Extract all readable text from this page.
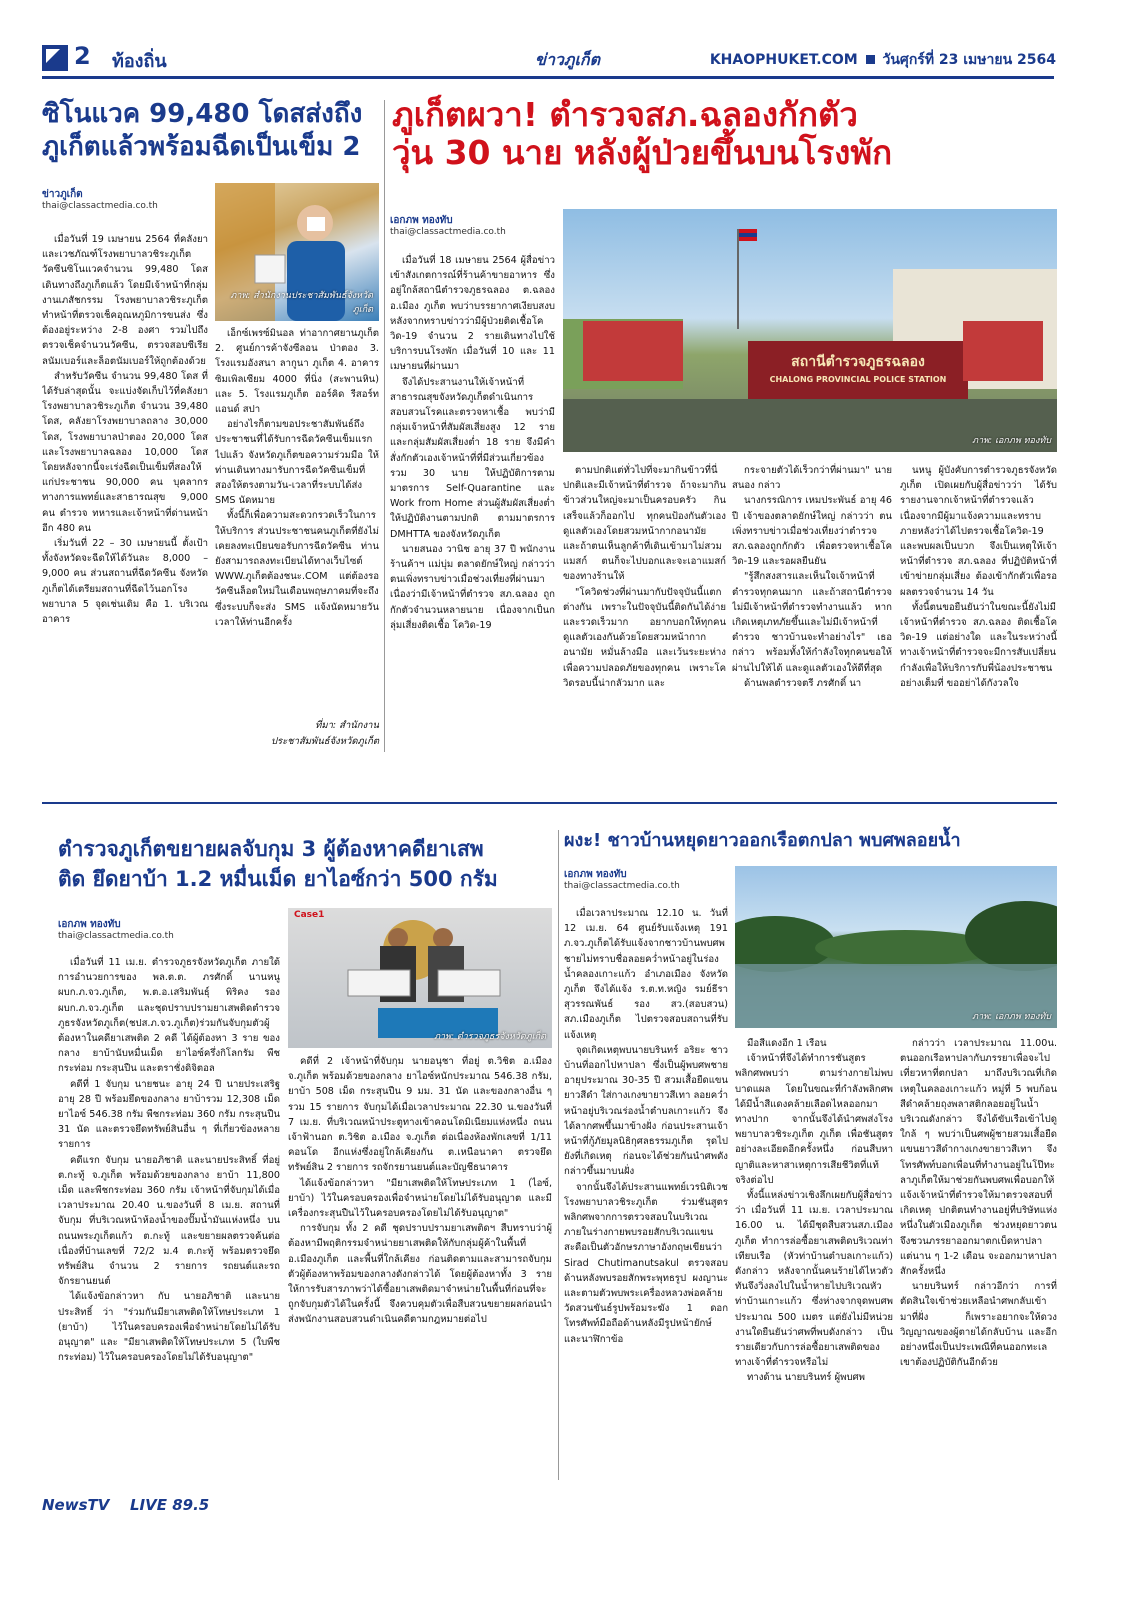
2 ท้องถิ่น	ข่าวภูเก็ต	KHAOPHUKET.COM วันศุกร์ที่ 23 เมษายน 2564
ซิโนแวค 99,480 โดสส่งถึง
ภูเก็ตแล้วพร้อมฉีดเป็นเข็ม 2
ข่าวภูเก็ต
thai@classactmedia.co.th
ภาพ: สำนักงานประชาสัมพันธ์จังหวัดภูเก็ต

เมื่อวันที่ 19 เมษายน 2564 ที่คลังยาและเวชภัณฑ์โรงพยาบาลวชิระภูเก็ต วัคซีนซิโนแวคจำนวน 99,480 โดส เดินทางถึงภูเก็ตแล้ว โดยมีเจ้าหน้าที่กลุ่มงานเภสัชกรรม โรงพยาบาลวชิระภูเก็ต ทำหน้าที่ตรวจเช็คอุณหภูมิการขนส่ง ซึ่งต้องอยู่ระหว่าง 2-8 องศา รวมไปถึงตรวจเช็คจำนวนวัคซีน, ตรวจสอบซีเรียลนัมเบอร์และล็อตนัมเบอร์ให้ถูกต้องด้วย

สำหรับวัคซีน จำนวน 99,480 โดส ที่ได้รับล่าสุดนั้น จะแบ่งจัดเก็บไว้ที่คลังยาโรงพยาบาลวชิระภูเก็ต จำนวน 39,480 โดส, คลังยาโรงพยาบาลถลาง 30,000 โดส, โรงพยาบาลป่าตอง 20,000 โดส และโรงพยาบาลฉลอง 10,000 โดส โดยหลังจากนี้จะเร่งฉีดเป็นเข็มที่สองให้แก่ประชาชน 90,000 คน บุคลากรทางการแพทย์และสาธารณสุข 9,000 คน ตำรวจ ทหารและเจ้าหน้าที่ด่านหน้า อีก 480 คน

เริ่มวันที่ 22 – 30 เมษายนนี้ ตั้งเป้าทั้งจังหวัดจะฉีดให้ได้วันละ 8,000 – 9,000 คน ส่วนสถานที่ฉีดวัคซีน จังหวัดภูเก็ตได้เตรียมสถานที่ฉีดไว้นอกโรงพยาบาล 5 จุดเช่นเดิม คือ 1. บริเวณอาคาร

เอ็กซ์เพรซ์มินอล ท่าอากาศยานภูเก็ต 2. ศูนย์การค้าจังซีลอน ป่าตอง 3. โรงแรมอังสนา ลากูนา ภูเก็ต 4. อาคารซิมเพิลเซียม 4000 ที่นิ่ง (สะพานหิน) และ 5. โรงแรมภูเก็ต ออร์คิด รีสอร์ท แอนด์ สปา

อย่างไรก็ตามขอประชาสัมพันธ์ถึงประชาชนที่ได้รับการฉีดวัคซีนเข็มแรกไปแล้ว จังหวัดภูเก็ตขอความร่วมมือ ให้ท่านเดินทางมารับการฉีดวัคซีนเข็มที่สองให้ตรงตามวัน-เวลาที่ระบบได้ส่ง SMS นัดหมาย

ทั้งนี้ก็เพื่อความสะดวกรวดเร็วในการให้บริการ ส่วนประชาชนคนภูเก็ตที่ยังไม่เคยลงทะเบียนขอรับการฉีดวัคซีน ท่านยังสามารถลงทะเบียนได้ทางเว็บไซต์ WWW.ภูเก็ตต้องชนะ.COM แต่ต้องรอวัคซีนล็อตใหม่ในเดือนพฤษภาคมที่จะถึง ซึ่งระบบก็จะส่ง SMS แจ้งนัดหมายวันเวลาให้ท่านอีกครั้ง

ที่มา: สำนักงาน
ประชาสัมพันธ์จังหวัดภูเก็ต
ภูเก็ตผวา! ตำรวจสภ.ฉลองกักตัว
วุ่น 30 นาย หลังผู้ป่วยขึ้นบนโรงพัก
เอกภพ ทองทับ
thai@classactmedia.co.th
สถานีตำรวจภูธรฉลอง
CHALONG PROVINCIAL POLICE STATION
ภาพ: เอกภพ ทองทับ

เมื่อวันที่ 18 เมษายน 2564 ผู้สื่อข่าวเข้าสังเกตการณ์ที่ร้านค้าขายอาหาร ซึ่งอยู่ใกล้สถานีตำรวจภูธรฉลอง ต.ฉลอง อ.เมือง ภูเก็ต พบว่าบรรยากาศเงียบสงบ หลังจากทราบข่าวว่ามีผู้ป่วยติดเชื้อโควิด-19 จำนวน 2 รายเดินทางไปใช้บริการบนโรงพัก เมื่อวันที่ 10 และ 11 เมษายนที่ผ่านมา

จึงได้ประสานงานให้เจ้าหน้าที่สาธารณสุขจังหวัดภูเก็ตดำเนินการสอบสวนโรคและตรวจหาเชื้อ พบว่ามีกลุ่มเจ้าหน้าที่สัมผัสเสี่ยงสูง 12 ราย และกลุ่มสัมผัสเสี่ยงต่ำ 18 ราย จึงมีคำสั่งกักตัวเองเจ้าหน้าที่ที่มีส่วนเกี่ยวข้องรวม 30 นาย ให้ปฏิบัติการตามมาตรการ Self-Quarantine และ Work from Home ส่วนผู้สัมผัสเสี่ยงต่ำ ให้ปฏิบัติงานตามปกติ ตามมาตรการ DMHTTA ของจังหวัดภูเก็ต

นายสนอง วานิช อายุ 37 ปี พนักงานร้านค้าฯ แม่บุ่ม ตลาดยักษ์ใหญ่ กล่าวว่า ตนเพิ่งทราบข่าวเมื่อช่วงเที่ยงที่ผ่านมาเนื่องว่ามีเจ้าหน้าที่ตำรวจ สภ.ฉลอง ถูกกักตัวจำนวนหลายนาย เนื่องจากเป็นกลุ่มเสี่ยงติดเชื้อ โควิด-19

ตามปกติแต่ทั่วไปที่จะมากินข้าวที่นี่ปกติและมีเจ้าหน้าที่ตำรวจ ถ้าจะมากินข้าวส่วนใหญ่จะมาเป็นครอบครัว กินเสร็จแล้วก็ออกไป ทุกคนป้องกันตัวเองดูแลตัวเองโดยสวมหน้ากากอนามัย และถ้าตนเห็นลูกค้าที่เดินเข้ามาไม่สวมแมสก์ ตนก็จะไปบอกและจะเอาแมสก์ของทางร้านให้

"โควิดช่วงที่ผ่านมากับปัจจุบันนี้แตกต่างกัน เพราะในปัจจุบันนี้ติดกันได้ง่ายและรวดเร็วมาก อยากบอกให้ทุกคนดูแลตัวเองกันด้วยโดยสวมหน้ากากอนามัย หมั่นล้างมือ และเว้นระยะห่าง เพื่อความปลอดภัยของทุกคน เพราะโควิดรอบนี้น่ากลัวมาก และ

กระจายตัวได้เร็วกว่าที่ผ่านมา" นายสนอง กล่าว

นางกรรณิการ เหมประพันธ์ อายุ 46 ปี เจ้าของตลาดยักษ์ใหญ่ กล่าวว่า ตนเพิ่งทราบข่าวเมื่อช่วงเที่ยงว่าตำรวจ สภ.ฉลองถูกกักตัว เพื่อตรวจหาเชื้อโควิด-19 และรอผลยืนยัน

"รู้สึกสงสารและเห็นใจเจ้าหน้าที่ตำรวจทุกคนมาก และถ้าสถานีตำรวจไม่มีเจ้าหน้าที่ตำรวจทำงานแล้ว หากเกิดเหตุเภทภัยขึ้นและไม่มีเจ้าหน้าที่ตำรวจ ชาวบ้านจะทำอย่างไร" เธอกล่าว พร้อมทั้งให้กำลังใจทุกคนขอให้ผ่านไปให้ได้ และดูแลตัวเองให้ดีที่สุด

ด้านพลตำรวจตรี ภรศักดิ์ นา

นหนู ผู้บังคับการตำรวจภูธรจังหวัดภูเก็ต เปิดเผยกับผู้สื่อข่าวว่า ได้รับรายงานจากเจ้าหน้าที่ตำรวจแล้ว เนื่องจากมีผู้มาแจ้งความและทราบภายหลังว่าได้ไปตรวจเชื้อโควิด-19 และพบผลเป็นบวก จึงเป็นเหตุให้เจ้าหน้าที่ตำรวจ สภ.ฉลอง ที่ปฏิบัติหน้าที่เข้าข่ายกลุ่มเสี่ยง ต้องเข้ากักตัวเพื่อรอผลตรวจจำนวน 14 วัน

ทั้งนี้ตนขอยืนยันว่าในขณะนี้ยังไม่มีเจ้าหน้าที่ตำรวจ สภ.ฉลอง ติดเชื้อโควิด-19 แต่อย่างใด และในระหว่างนี้ทางเจ้าหน้าที่ตำรวจจะมีการสับเปลี่ยนกำลังเพื่อให้บริการกับพี่น้องประชาชนอย่างเต็มที่ ขออย่าได้กังวลใจ

ตำรวจภูเก็ตขยายผลจับกุม 3 ผู้ต้องหาคดียาเสพ
ติด ยึดยาบ้า 1.2 หมื่นเม็ด ยาไอซ์กว่า 500 กรัม
เอกภพ ทองทับ
thai@classactmedia.co.th
Case1
ภาพ: ตำรวจภูธรจังหวัดภูเก็ต

เมื่อวันที่ 11 เม.ย. ตำรวจภูธรจังหวัดภูเก็ต ภายใต้การอำนวยการของ พล.ต.ต. ภรศักดิ์ นานหนู ผบก.ภ.จว.ภูเก็ต, พ.ต.อ.เสริมพันธุ์ พิริคง รอง ผบก.ภ.จว.ภูเก็ต และชุดปราบปรามยาเสพติดตำรวจภูธรจังหวัดภูเก็ต(ชปส.ภ.จว.ภูเก็ต)ร่วมกันจับกุมตัวผู้ต้องหาในคดียาเสพติด 2 คดี ได้ผู้ต้องหา 3 ราย ของกลาง ยาบ้านับหมื่นเม็ด ยาไอซ์ครึ่งกิโลกรัม พืชกระท่อม กระสุนปืน และตราชั่งดิจิตอล

คดีที่ 1 จับกุม นายชนะ อายุ 24 ปี นายประเสริฐ อายุ 28 ปี พร้อมยึดของกลาง ยาบ้ารวม 12,308 เม็ด ยาไอซ์ 546.38 กรัม พืชกระท่อม 360 กรัม กระสุนปืน 31 นัด และตรวจยึดทรัพย์สินอื่น ๆ ที่เกี่ยวข้องหลายรายการ

คดีแรก จับกุม นายอภิชาติ และนายประสิทธิ์ ที่อยู่ ต.กะทู้ จ.ภูเก็ต พร้อมด้วยของกลาง ยาบ้า 11,800 เม็ด และพืชกระท่อม 360 กรัม เจ้าหน้าที่จับกุมได้เมื่อเวลาประมาณ 20.40 น.ของวันที่ 8 เม.ย. สถานที่จับกุม ที่บริเวณหน้าห้องน้ำของปั๊มน้ำมันแห่งหนึ่ง บนถนนพระภูเก็ตแก้ว ต.กะทู้ และขยายผลตรวจค้นต่อเนื่องที่บ้านเลขที่ 72/2 ม.4 ต.กะทู้ พร้อมตรวจยึดทรัพย์สิน จำนวน 2 รายการ รถยนต์และรถจักรยานยนต์

ได้แจ้งข้อกล่าวหา กับ นายอภิชาติ และนายประสิทธิ์ ว่า "ร่วมกันมียาเสพติดให้โทษประเภท 1 (ยาบ้า) ไว้ในครอบครองเพื่อจำหน่ายโดยไม่ได้รับอนุญาต" และ "มียาเสพติดให้โทษประเภท 5 (ใบพืชกระท่อม) ไว้ในครอบครองโดยไม่ได้รับอนุญาต"

คดีที่ 2 เจ้าหน้าที่จับกุม นายอนุชา ที่อยู่ ต.วิชิต อ.เมือง จ.ภูเก็ต พร้อมด้วยของกลาง ยาไอซ์หนักประมาณ 546.38 กรัม, ยาบ้า 508 เม็ด กระสุนปืน 9 มม. 31 นัด และของกลางอื่น ๆ รวม 15 รายการ จับกุมได้เมื่อเวลาประมาณ 22.30 น.ของวันที่ 7 เม.ย. ที่บริเวณหน้าประตูทางเข้าคอนโดมิเนียมแห่งหนึ่ง ถนนเจ้าฟ้านอก ต.วิชิต อ.เมือง จ.ภูเก็ต ต่อเนื่องห้องพักเลขที่ 1/11 คอนโด อีกแห่งซึ่งอยู่ใกล้เคียงกัน ต.เหนือนาคา ตรวจยึดทรัพย์สิน 2 รายการ รถจักรยานยนต์และบัญชีธนาคาร

ได้แจ้งข้อกล่าวหา "มียาเสพติดให้โทษประเภท 1 (ไอซ์, ยาบ้า) ไว้ในครอบครองเพื่อจำหน่ายโดยไม่ได้รับอนุญาต และมีเครื่องกระสุนปืนไว้ในครอบครองโดยไม่ได้รับอนุญาต"

การจับกุม ทั้ง 2 คดี ชุดปราบปรามยาเสพติดฯ สืบทราบว่าผู้ต้องหามีพฤติกรรมจำหน่ายยาเสพติดให้กับกลุ่มผู้ค้าในพื้นที่ อ.เมืองภูเก็ต และพื้นที่ใกล้เคียง ก่อนติดตามและสามารถจับกุมตัวผู้ต้องหาพร้อมของกลางดังกล่าวได้ โดยผู้ต้องหาทั้ง 3 ราย ให้การรับสารภาพว่าได้ซื้อยาเสพติดมาจำหน่ายในพื้นที่ก่อนที่จะถูกจับกุมตัวได้ในครั้งนี้ จึงควบคุมตัวเพื่อสืบสวนขยายผลก่อนนำส่งพนักงานสอบสวนดำเนินคดีตามกฎหมายต่อไป

ผงะ! ชาวบ้านหยุดยาวออกเรือตกปลา พบศพลอยน้ำ
เอกภพ ทองทับ
thai@classactmedia.co.th
ภาพ: เอกภพ ทองทับ

เมื่อเวลาประมาณ 12.10 น. วันที่ 12 เม.ย. 64 ศูนย์รับแจ้งเหตุ 191 ภ.จว.ภูเก็ตได้รับแจ้งจากชาวบ้านพบศพชายไม่ทราบชื่อลอยคว่ำหน้าอยู่ในร่องน้ำคลองเกาะแก้ว อำเภอเมือง จังหวัดภูเก็ต จึงได้แจ้ง ร.ต.ท.หญิง รมย์ธีรา สุวรรณพันธ์ รอง สว.(สอบสวน) สภ.เมืองภูเก็ต ไปตรวจสอบสถานที่รับแจ้งเหตุ

จุดเกิดเหตุพบนายบรินทร์ อริยะ ชาวบ้านที่ออกไปหาปลา ซึ่งเป็นผู้พบศพชายอายุประมาณ 30-35 ปี สวมเสื้อยืดแขนยาวสีดำ ใส่กางเกงขายาวสีเทา ลอยคว่ำหน้าอยู่บริเวณร่องน้ำตำบลเกาะแก้ว จึงได้ลากศพขึ้นมาข้างฝั่ง ก่อนประสานเจ้าหน้าที่กู้ภัยมูลนิธิกุศลธรรมภูเก็ต รุดไปยังที่เกิดเหตุ ก่อนจะได้ช่วยกันนำศพดังกล่าวขึ้นมาบนฝั่ง

จากนั้นจึงได้ประสานแพทย์เวรนิติเวช โรงพยาบาลวชิระภูเก็ต ร่วมชันสูตรพลิกศพจากการตรวจสอบในบริเวณภายในร่างกายพบรอยสักบริเวณแขนสะดือเป็นตัวอักษรภาษาอังกฤษเขียนว่า Sirad Chutimanutsakul ตรวจสอบด้านหลังพบรอยสักพระพุทธรูป ผงญานะ และตามตัวพบพระเครื่องหลวงพ่อคล้าย วัดสวนขันธ์รูปพร้อมระฆัง 1 ดอก โทรศัพท์มือถือด้านหลังมีรูปหน้ายักษ์ และนาฬิกาข้อ

มือสีแดงอีก 1 เรือน

เจ้าหน้าที่จึงได้ทำการชันสูตรพลิกศพพบว่า ตามร่างกายไม่พบบาดแผล โดยในขณะที่กำลังพลิกศพ ได้มีน้ำสีแดงคล้ายเลือดไหลออกมาทางปาก จากนั้นจึงได้นำศพส่งโรงพยาบาลวชิระภูเก็ต ภูเก็ต เพื่อชันสูตรอย่างละเอียดอีกครั้งหนึ่ง ก่อนสืบหาญาติและหาสาเหตุการเสียชีวิตที่แท้จริงต่อไป

ทั้งนี้แหล่งข่าวเชิงลึกเผยกับผู้สื่อข่าวว่า เมื่อวันที่ 11 เม.ย. เวลาประมาณ 16.00 น. ได้มีชุดสืบสวนสภ.เมืองภูเก็ต ทำการล่อซื้อยาเสพติดบริเวณท่าเทียบเรือ (หัวท่าบ้านตำบลเกาะแก้ว) ดังกล่าว หลังจากนั้นคนร้ายได้ไหวตัวทันจึงวิ่งลงไปในน้ำหายไปบริเวณหัวท่าบ้านเกาะแก้ว ซึ่งห่างจากจุดพบศพประมาณ 500 เมตร แต่ยังไม่มีหน่วยงานใดยืนยันว่าศพที่พบดังกล่าว เป็นรายเดียวกับการล่อซื้อยาเสพติดของทางเจ้าที่ตำรวจหรือไม่

ทางด้าน นายบรินทร์ ผู้พบศพ

กล่าวว่า เวลาประมาณ 11.00น. ตนออกเรือหาปลากับภรรยาเพื่อจะไปเที่ยวหาที่ตกปลา มาถึงบริเวณที่เกิดเหตุในคลองเกาะแก้ว หมู่ที่ 5 พบก้อนสีดำคล้ายถุงพลาสติกลอยอยู่ในน้ำบริเวณดังกล่าว จึงได้ขับเรือเข้าไปดูใกล้ ๆ พบว่าเป็นศพผู้ชายสวมเสื้อยืดแขนยาวสีดำกางเกงขายาวสีเทา จึงโทรศัพท์บอกเพื่อนที่ทำงานอยู่ในโป๊ทะลาภูเก็ตให้มาช่วยกันพบศพเพื่อบอกให้แจ้งเจ้าหน้าที่ตำรวจให้มาตรวจสอบที่เกิดเหตุ ปกติตนทำงานอยู่ที่บริษัทแห่งหนึ่งในตัวเมืองภูเก็ต ช่วงหยุดยาวตนจึงชวนภรรยาออกมาตกเบ็ดหาปลา แต่นาน ๆ 1-2 เดือน จะออกมาหาปลาสักครั้งหนึ่ง

นายบรินทร์ กล่าวอีกว่า การที่ตัดสินใจเข้าช่วยเหลือนำศพกลับเข้ามาที่ฝั่ง ก็เพราะอยากจะให้ดวงวิญญาณของผู้ตายได้กลับบ้าน และอีกอย่างหนึ่งเป็นประเพณีที่คนออกทะเลเขาต้องปฏิบัติกันอีกด้วย

NewsTV LIVE 89.5
